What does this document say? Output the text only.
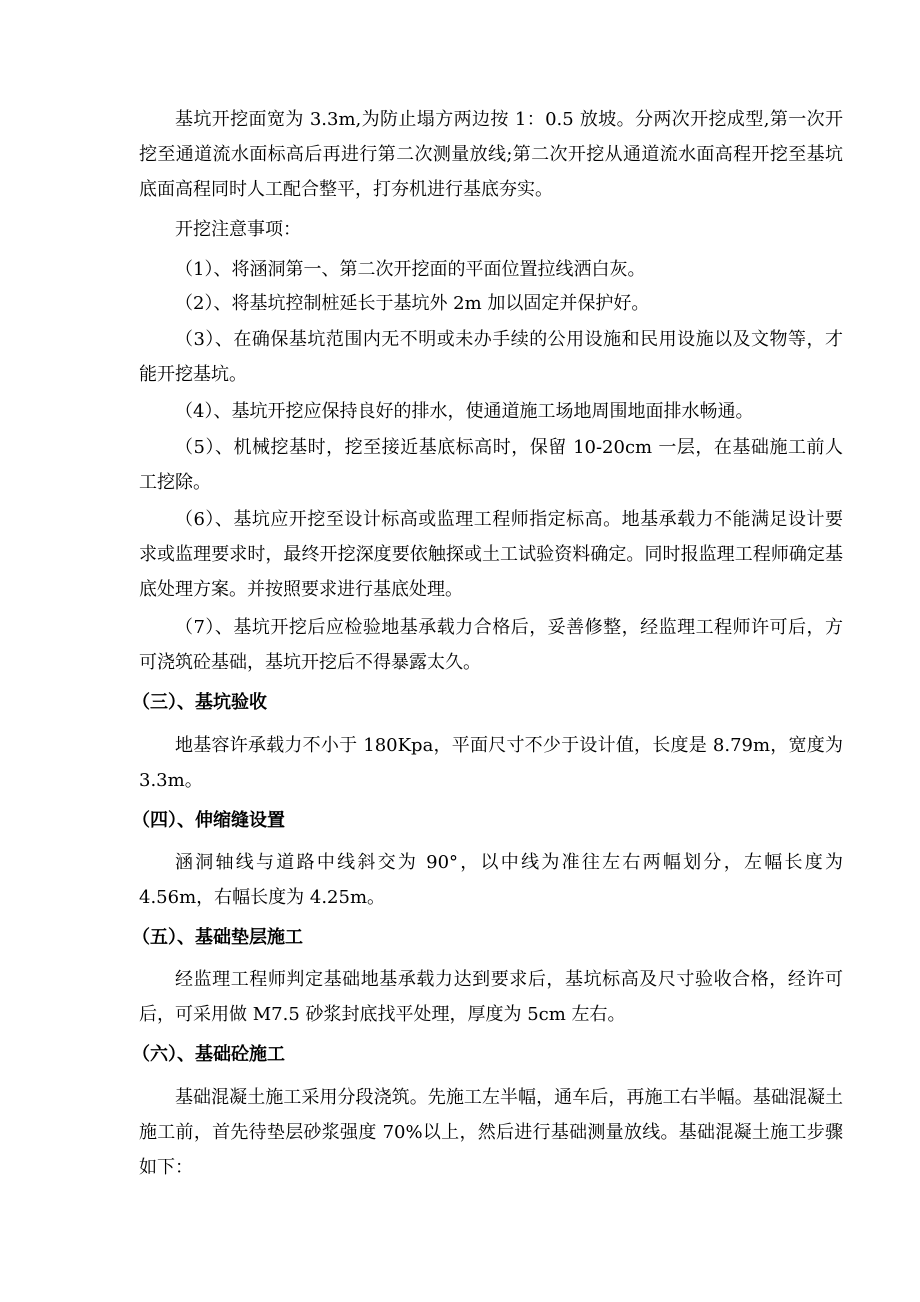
基坑开挖面宽为 3.3m,为防止塌方两边按 1：0.5 放坡。分两次开挖成型,第一次开挖至通道流水面标高后再进行第二次测量放线;第二次开挖从通道流水面高程开挖至基坑底面高程同时人工配合整平，打夯机进行基底夯实。

开挖注意事项：

（1）、将涵洞第一、第二次开挖面的平面位置拉线洒白灰。

（2）、将基坑控制桩延长于基坑外 2m 加以固定并保护好。

（3）、在确保基坑范围内无不明或未办手续的公用设施和民用设施以及文物等，才能开挖基坑。

（4）、基坑开挖应保持良好的排水，使通道施工场地周围地面排水畅通。

（5）、机械挖基时，挖至接近基底标高时，保留 10-20cm 一层，在基础施工前人工挖除。

（6）、基坑应开挖至设计标高或监理工程师指定标高。地基承载力不能满足设计要求或监理要求时，最终开挖深度要依触探或土工试验资料确定。同时报监理工程师确定基底处理方案。并按照要求进行基底处理。

（7）、基坑开挖后应检验地基承载力合格后，妥善修整，经监理工程师许可后，方可浇筑砼基础，基坑开挖后不得暴露太久。

（三）、基坑验收

地基容许承载力不小于 180Kpa，平面尺寸不少于设计值，长度是 8.79m，宽度为 3.3m。

（四）、伸缩缝设置

涵洞轴线与道路中线斜交为 90°，以中线为准往左右两幅划分，左幅长度为 4.56m，右幅长度为 4.25m。

（五）、基础垫层施工

经监理工程师判定基础地基承载力达到要求后，基坑标高及尺寸验收合格，经许可后，可采用做 M7.5 砂浆封底找平处理，厚度为 5cm 左右。

（六）、基础砼施工

基础混凝土施工采用分段浇筑。先施工左半幅，通车后，再施工右半幅。基础混凝土施工前，首先待垫层砂浆强度 70%以上，然后进行基础测量放线。基础混凝土施工步骤如下：
